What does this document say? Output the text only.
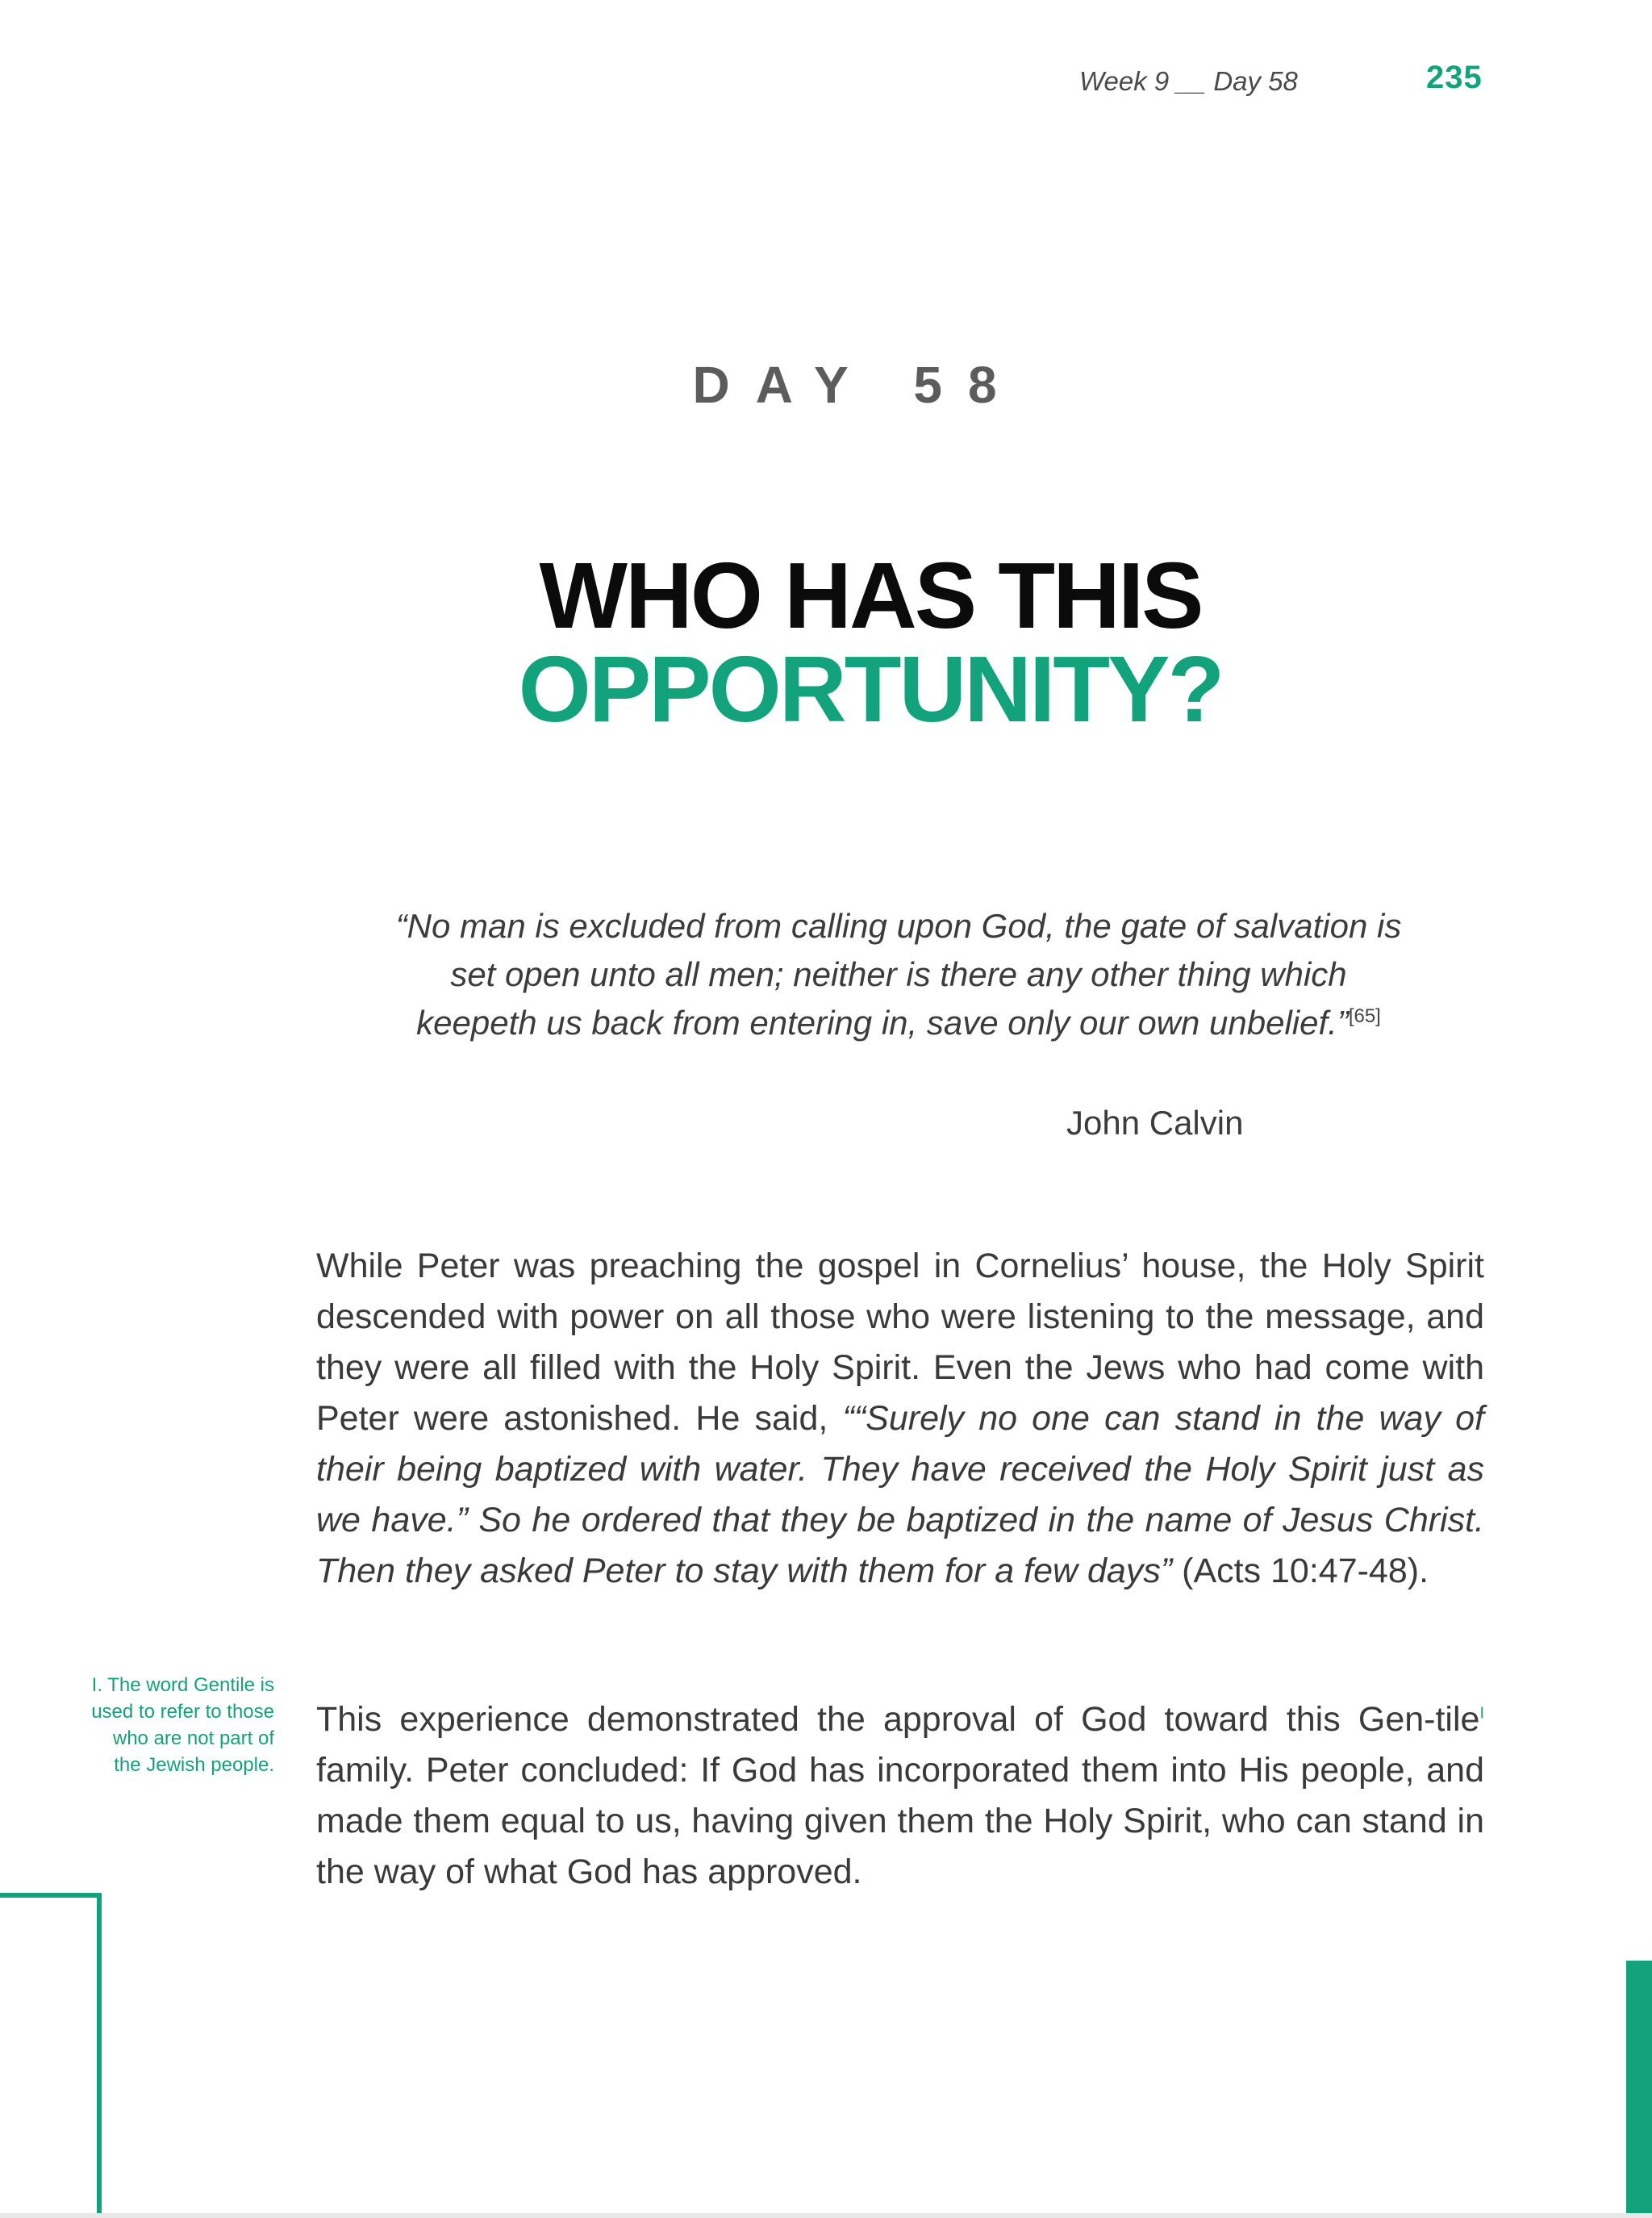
Week 9 __ Day 58	235
DAY 58
WHO HAS THIS
OPPORTUNITY?
“No man is excluded from calling upon God, the gate of salvation is set open unto all men; neither is there any other thing which keepeth us back from entering in, save only our own unbelief.”[65]
John Calvin

While Peter was preaching the gospel in Cornelius’ house, the Holy Spirit descended with power on all those who were listening to the message, and they were all filled with the Holy Spirit. Even the Jews who had come with Peter were astonished. He said, ““Surely no one can stand in the way of their being baptized with water. They have received the Holy Spirit just as we have.” So he ordered that they be baptized in the name of Jesus Christ. Then they asked Peter to stay with them for a few days” (Acts 10:47-48).

I. The word Gentile is used to refer to those who are not part of the Jewish people.

This experience demonstrated the approval of God toward this Gen-tile$^I$ family. Peter concluded: If God has incorporated them into His people, and made them equal to us, having given them the Holy Spirit, who can stand in the way of what God has approved.
